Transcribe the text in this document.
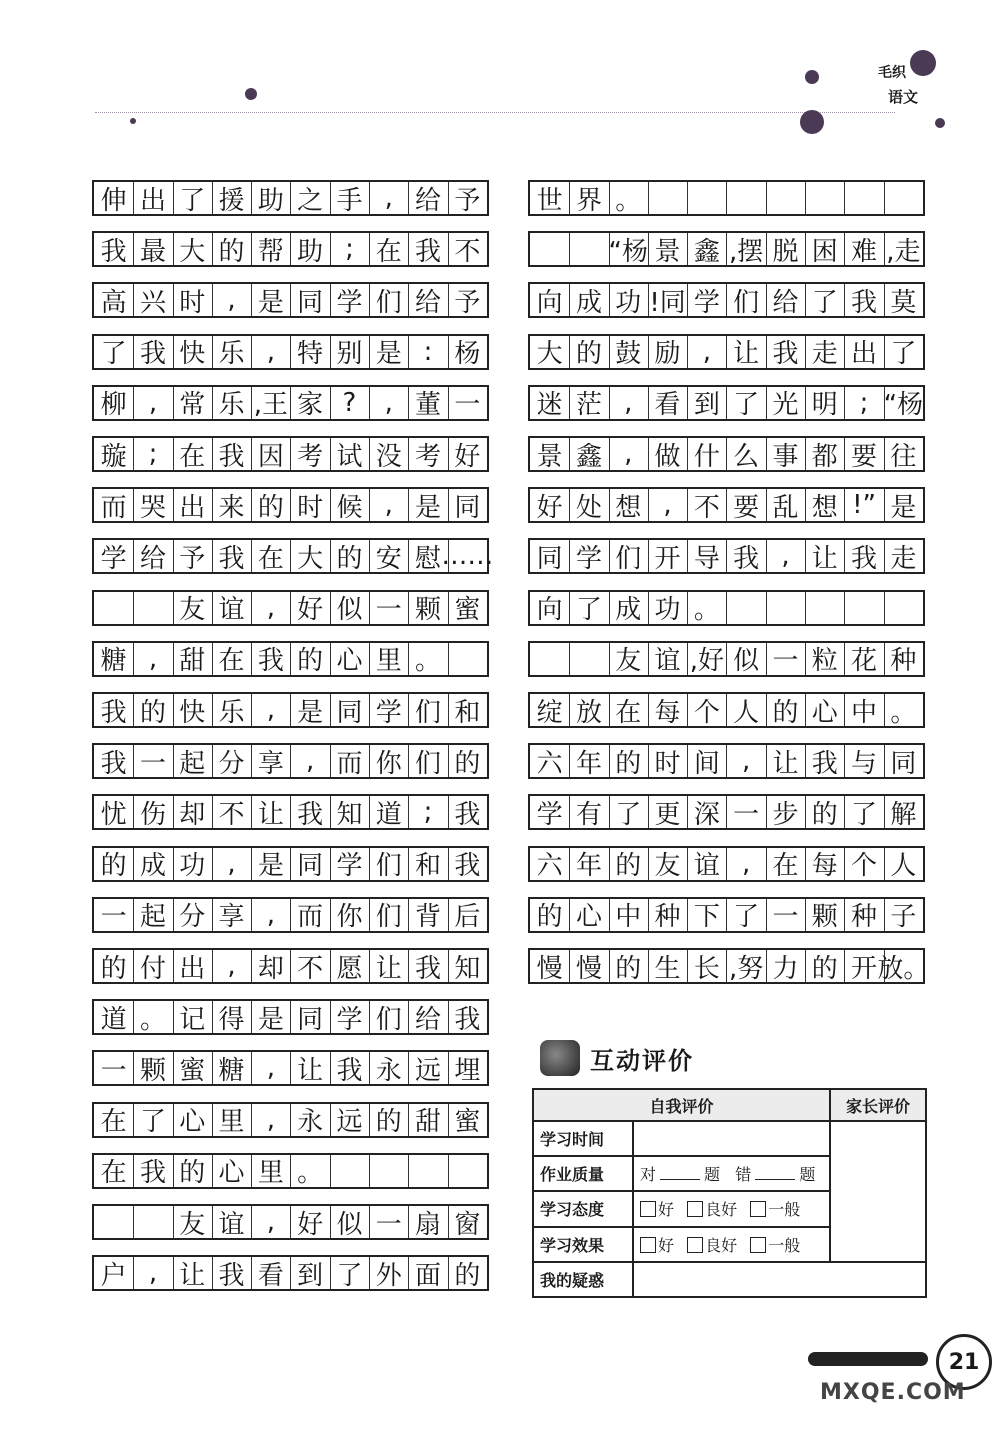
毛织
语文
伸 出 了 援 助 之 手 , 给 予
我 最 大 的 帮 助 ; 在 我 不
高 兴 时 , 是 同 学 们 给 予
了 我 快 乐 , 特 别 是 : 杨
柳 , 常 乐 ,王 家 ?	, 董 一
璇 ; 在 我 因 考 试 没 考 好
而 哭 出 来 的 时 候 , 是 同
学 给 予 我 在 大 的 安 慰 ……
友 谊 , 好 似 一 颗 蜜
糖 , 甜 在 我 的 心 里 。
我 的 快 乐 , 是 同 学 们 和
我 一 起 分 享 , 而 你 们 的
忧 伤 却 不 让 我 知 道 ; 我
的 成 功 , 是 同 学 们 和 我
一 起 分 享 , 而 你 们 背 后
的 付 出 , 却 不 愿 让 我 知
道 。 记 得 是 同 学 们 给 我
一 颗 蜜 糖 , 让 我 永 远 埋
在 了 心 里 , 永 远 的 甜 蜜
在 我 的 心 里 。
友 谊 , 好 似 一 扇 窗
户 , 让 我 看 到 了 外 面 的
世 界 。
“杨 景 鑫 ,摆 脱 困 难 ,走
向 成 功 !同 学 们 给 了 我 莫
大 的 鼓 励 , 让 我 走 出 了
迷 茫 , 看 到 了 光 明 ; “杨
景 鑫 , 做 什 么 事 都 要 往
好 处 想 , 不 要 乱 想 !” 是
同 学 们 开 导 我 , 让 我 走
向 了 成 功 。
友 谊 ,好 似 一 粒 花 种
绽 放 在 每 个 人 的 心 中 。
六 年 的 时 间 , 让 我 与 同
学 有 了 更 深 一 步 的 了 解
六 年 的 友 谊 , 在 每 个 人
的 心 中 种 下 了 一 颗 种 子
慢 慢 的 生 长 ,努 力 的 开 放。
互动评价
自我评价		家长评价
学习时间		
作业质量	对 题 错 题	
学习态度	好 良好 一般	
学习效果	好 良好 一般	
我的疑惑		
21
MXQE.COM
